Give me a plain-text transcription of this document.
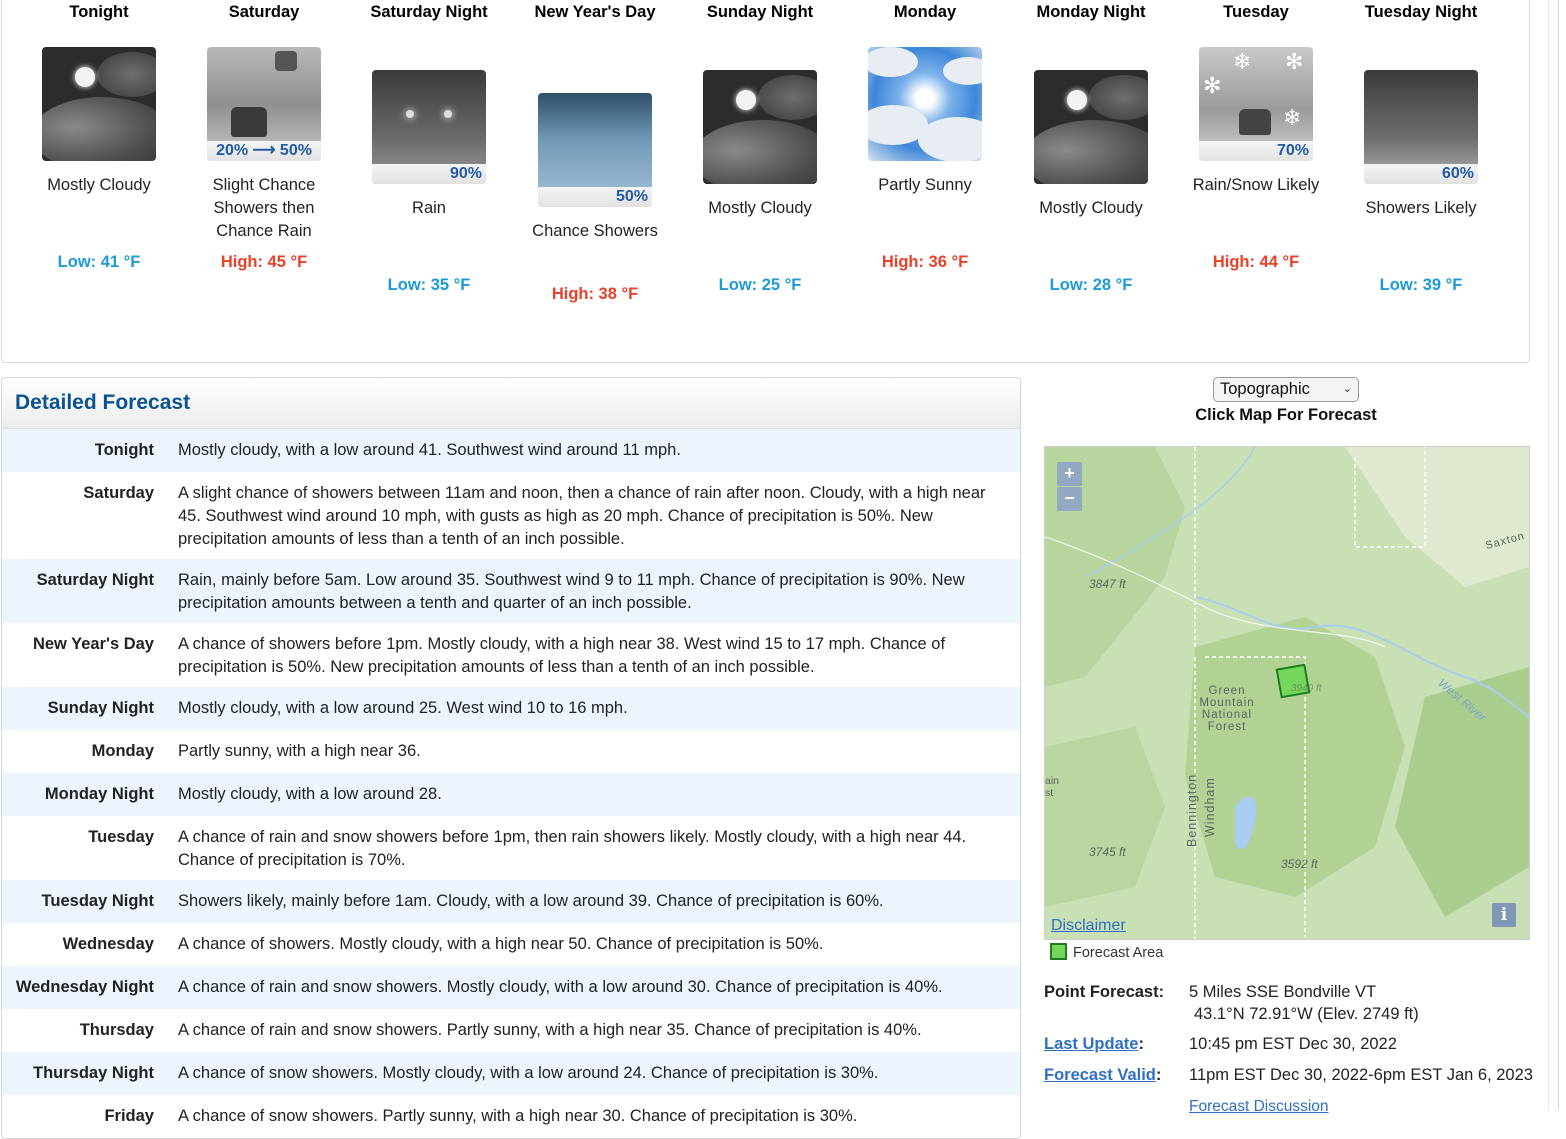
Tonight
Mostly Cloudy
Low: 41 °F
Saturday
20% ⟶ 50%
Slight Chance Showers then Chance Rain
High: 45 °F
Saturday Night
90%
Rain
Low: 35 °F
New Year's Day
50%
Chance Showers
High: 38 °F
Sunday Night
Mostly Cloudy
Low: 25 °F
Monday
Partly Sunny
High: 36 °F
Monday Night
Mostly Cloudy
Low: 28 °F
Tuesday
✻
❄ ✻
❄
70%
Rain/Snow Likely
High: 44 °F
Tuesday Night
60%
Showers Likely
Low: 39 °F
Detailed Forecast
Tonight	Mostly cloudy, with a low around 41. Southwest wind around 11 mph.
Saturday	A slight chance of showers between 11am and noon, then a chance of rain after noon. Cloudy, with a high near 45. Southwest wind around 10 mph, with gusts as high as 20 mph. Chance of precipitation is 50%. New precipitation amounts of less than a tenth of an inch possible.
Saturday Night	Rain, mainly before 5am. Low around 35. Southwest wind 9 to 11 mph. Chance of precipitation is 90%. New precipitation amounts between a tenth and quarter of an inch possible.
New Year's Day	A chance of showers before 1pm. Mostly cloudy, with a high near 38. West wind 15 to 17 mph. Chance of precipitation is 50%. New precipitation amounts of less than a tenth of an inch possible.
Sunday Night	Mostly cloudy, with a low around 25. West wind 10 to 16 mph.
Monday	Partly sunny, with a high near 36.
Monday Night	Mostly cloudy, with a low around 28.
Tuesday	A chance of rain and snow showers before 1pm, then rain showers likely. Mostly cloudy, with a high near 44. Chance of precipitation is 70%.
Tuesday Night	Showers likely, mainly before 1am. Cloudy, with a low around 39. Chance of precipitation is 60%.
Wednesday	A chance of showers. Mostly cloudy, with a high near 50. Chance of precipitation is 50%.
Wednesday Night	A chance of rain and snow showers. Mostly cloudy, with a low around 30. Chance of precipitation is 40%.
Thursday	A chance of rain and snow showers. Partly sunny, with a high near 35. Chance of precipitation is 40%.
Thursday Night	A chance of snow showers. Mostly cloudy, with a low around 24. Chance of precipitation is 30%.
Friday	A chance of snow showers. Partly sunny, with a high near 30. Chance of precipitation is 30%.
Topographic	⌄
Click Map For Forecast
3847 ft
3745 ft
3592 ft
3940 ft
Green Mountain National Forest
Bennington Windham
West River
Saxton
ain st
+
−
Disclaimer
i
Forecast Area
Point Forecast: 5 Miles SSE Bondville VT
43.1°N 72.91°W (Elev. 2749 ft)
Last Update:	10:45 pm EST Dec 30, 2022
Forecast Valid: 11pm EST Dec 30, 2022-6pm EST Jan 6, 2023
Forecast Discussion
